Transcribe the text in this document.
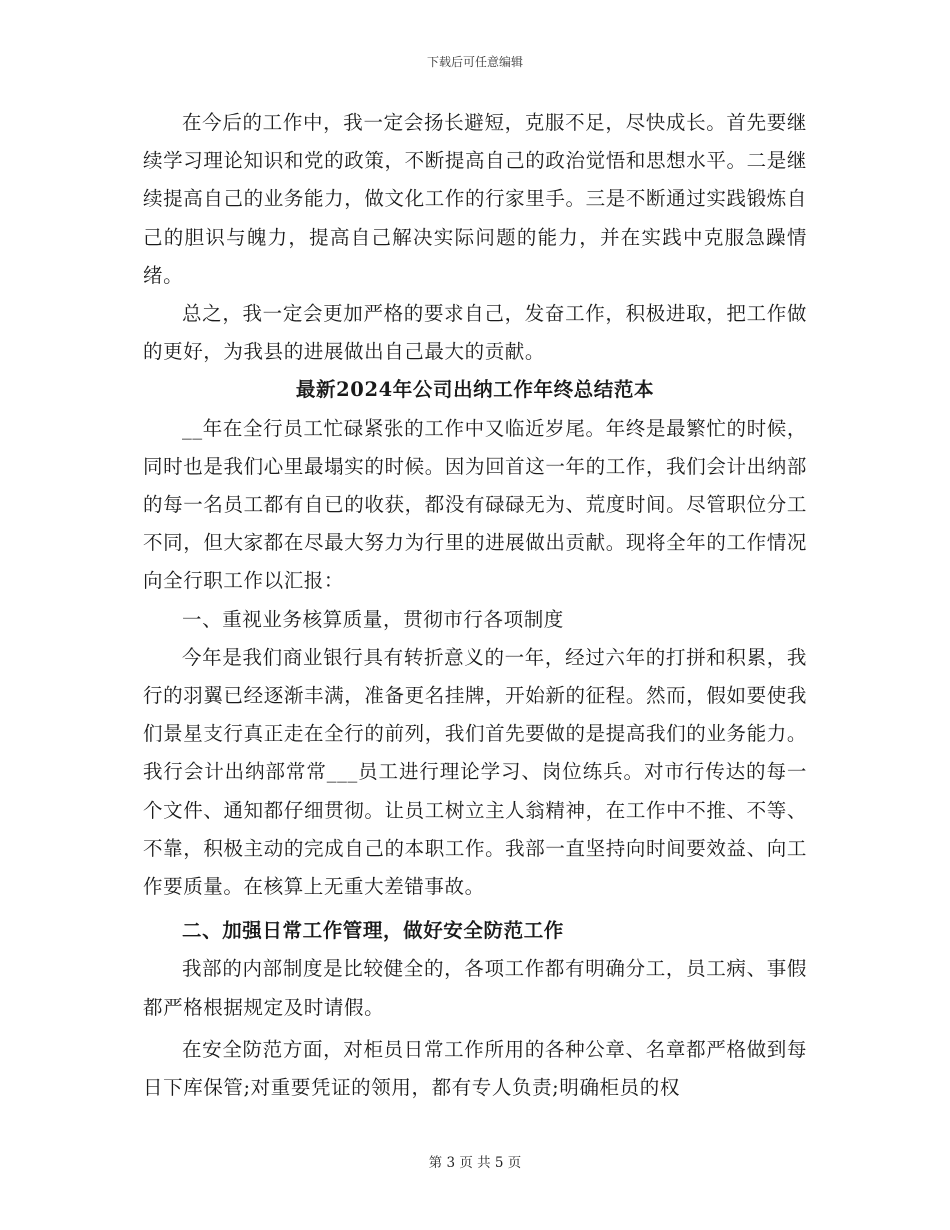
下载后可任意编辑

在今后的工作中，我一定会扬长避短，克服不足，尽快成长。首先要继续学习理论知识和党的政策，不断提高自己的政治觉悟和思想水平。二是继续提高自己的业务能力，做文化工作的行家里手。三是不断通过实践锻炼自己的胆识与魄力，提高自己解决实际问题的能力，并在实践中克服急躁情绪。

总之，我一定会更加严格的要求自己，发奋工作，积极进取，把工作做的更好，为我县的进展做出自己最大的贡献。

最新2024年公司出纳工作年终总结范本

__年在全行员工忙碌紧张的工作中又临近岁尾。年终是最繁忙的时候，同时也是我们心里最塌实的时候。因为回首这一年的工作，我们会计出纳部的每一名员工都有自已的收获，都没有碌碌无为、荒度时间。尽管职位分工不同，但大家都在尽最大努力为行里的进展做出贡献。现将全年的工作情况向全行职工作以汇报：

一、重视业务核算质量，贯彻市行各项制度

今年是我们商业银行具有转折意义的一年，经过六年的打拼和积累，我行的羽翼已经逐渐丰满，准备更名挂牌，开始新的征程。然而，假如要使我们景星支行真正走在全行的前列，我们首先要做的是提高我们的业务能力。我行会计出纳部常常___员工进行理论学习、岗位练兵。对市行传达的每一个文件、通知都仔细贯彻。让员工树立主人翁精神，在工作中不推、不等、不靠，积极主动的完成自己的本职工作。我部一直坚持向时间要效益、向工作要质量。在核算上无重大差错事故。

二、加强日常工作管理，做好安全防范工作

我部的内部制度是比较健全的，各项工作都有明确分工，员工病、事假都严格根据规定及时请假。

在安全防范方面，对柜员日常工作所用的各种公章、名章都严格做到每日下库保管;对重要凭证的领用，都有专人负责;明确柜员的权

第 3 页 共 5 页
